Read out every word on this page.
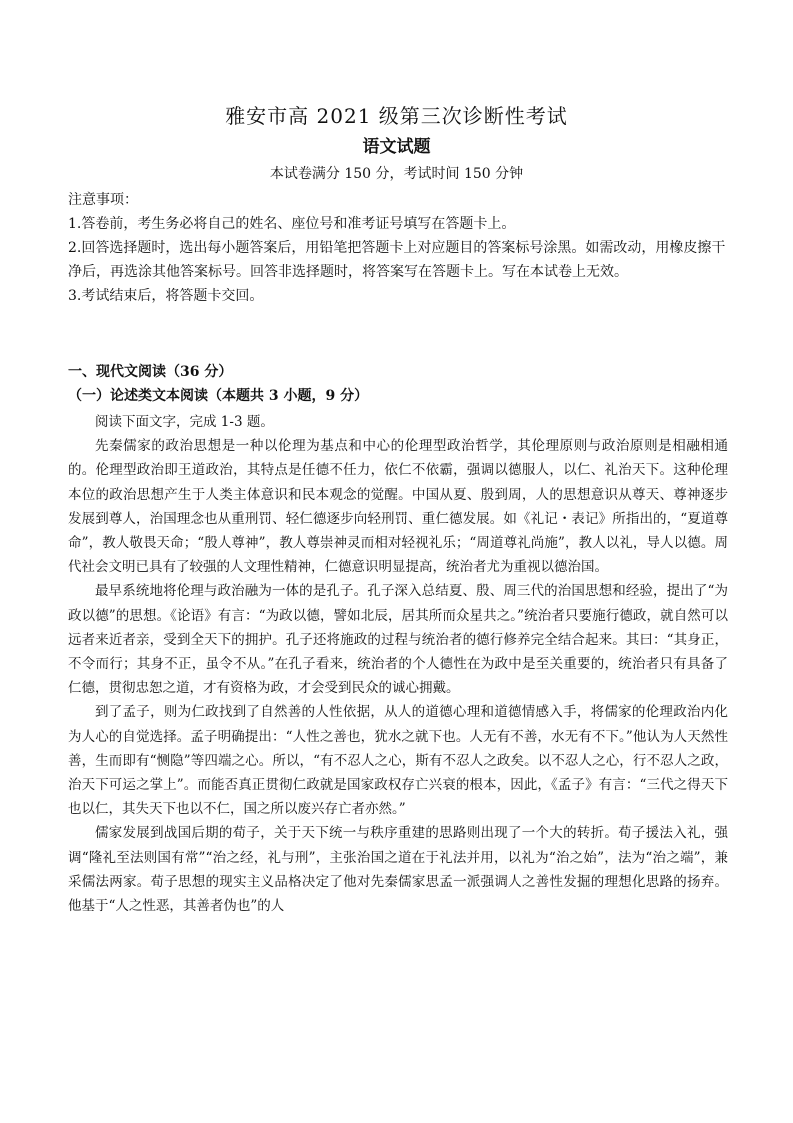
雅安市高 2021 级第三次诊断性考试
语文试题
本试卷满分 150 分，考试时间 150 分钟

注意事项：

1.答卷前，考生务必将自己的姓名、座位号和准考证号填写在答题卡上。

2.回答选择题时，选出每小题答案后，用铅笔把答题卡上对应题目的答案标号涂黑。如需改动，用橡皮擦干净后，再选涂其他答案标号。回答非选择题时，将答案写在答题卡上。写在本试卷上无效。

3.考试结束后，将答题卡交回。

一、现代文阅读（36 分）
（一）论述类文本阅读（本题共 3 小题，9 分）

阅读下面文字，完成 1-3 题。

先秦儒家的政治思想是一种以伦理为基点和中心的伦理型政治哲学，其伦理原则与政治原则是相融相通的。伦理型政治即王道政治，其特点是任德不任力，依仁不依霸，强调以德服人，以仁、礼治天下。这种伦理本位的政治思想产生于人类主体意识和民本观念的觉醒。中国从夏、殷到周，人的思想意识从尊天、尊神逐步发展到尊人，治国理念也从重刑罚、轻仁德逐步向轻刑罚、重仁德发展。如《礼记・表记》所指出的，“夏道尊命”，教人敬畏天命；“殷人尊神”，教人尊崇神灵而相对轻视礼乐；“周道尊礼尚施”，教人以礼，导人以德。周代社会文明已具有了较强的人文理性精神，仁德意识明显提高，统治者尤为重视以德治国。

最早系统地将伦理与政治融为一体的是孔子。孔子深入总结夏、殷、周三代的治国思想和经验，提出了“为政以德”的思想。《论语》有言：“为政以德，譬如北辰，居其所而众星共之。”统治者只要施行德政，就自然可以远者来近者亲，受到全天下的拥护。孔子还将施政的过程与统治者的德行修养完全结合起来。其曰：“其身正，不令而行；其身不正，虽令不从。”在孔子看来，统治者的个人德性在为政中是至关重要的，统治者只有具备了仁德，贯彻忠恕之道，才有资格为政，才会受到民众的诚心拥戴。

到了孟子，则为仁政找到了自然善的人性依据，从人的道德心理和道德情感入手，将儒家的伦理政治内化为人心的自觉选择。孟子明确提出：“人性之善也，犹水之就下也。人无有不善，水无有不下。”他认为人天然性善，生而即有“恻隐”等四端之心。所以，“有不忍人之心，斯有不忍人之政矣。以不忍人之心，行不忍人之政，治天下可运之掌上”。而能否真正贯彻仁政就是国家政权存亡兴衰的根本，因此，《孟子》有言：“三代之得天下也以仁，其失天下也以不仁，国之所以废兴存亡者亦然。”

儒家发展到战国后期的荀子，关于天下统一与秩序重建的思路则出现了一个大的转折。荀子援法入礼，强调“隆礼至法则国有常”“治之经，礼与刑”，主张治国之道在于礼法并用，以礼为“治之始”，法为“治之端”，兼采儒法两家。荀子思想的现实主义品格决定了他对先秦儒家思孟一派强调人之善性发掘的理想化思路的扬弃。他基于“人之性恶，其善者伪也”的人
